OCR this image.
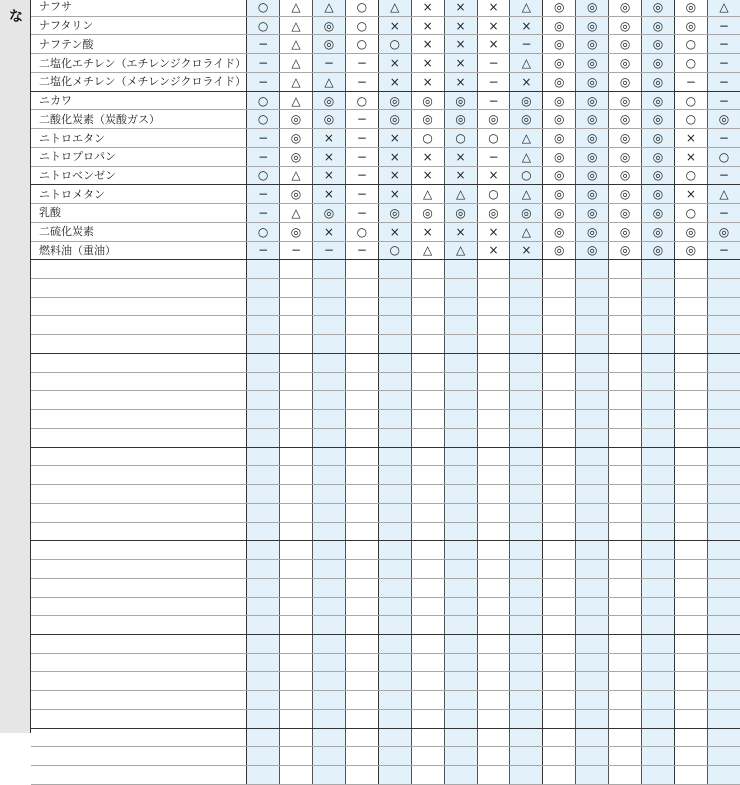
な
ナフサ	○	△	△	○	△	×	×	×	△	◎	◎	◎	◎	◎	△
ナフタリン	○	△	◎	○	×	×	×	×	×	◎	◎	◎	◎	◎	−
ナフテン酸	−	△	◎	○	○	×	×	×	−	◎	◎	◎	◎	○	−
二塩化エチレン（エチレンジクロライド）	−	△	−	−	×	×	×	−	△	◎	◎	◎	◎	○	−
二塩化メチレン（メチレンジクロライド）	−	△	△	−	×	×	×	−	×	◎	◎	◎	◎	−	−
ニカワ	○	△	◎	○	◎	◎	◎	−	◎	◎	◎	◎	◎	○	−
二酸化炭素（炭酸ガス）	○	◎	◎	−	◎	◎	◎	◎	◎	◎	◎	◎	◎	○	◎
ニトロエタン	−	◎	×	−	×	○	○	○	△	◎	◎	◎	◎	×	−
ニトロプロパン	−	◎	×	−	×	×	×	−	△	◎	◎	◎	◎	×	○
ニトロベンゼン	○	△	×	−	×	×	×	×	○	◎	◎	◎	◎	○	−
ニトロメタン	−	◎	×	−	×	△	△	○	△	◎	◎	◎	◎	×	△
乳酸	−	△	◎	−	◎	◎	◎	◎	◎	◎	◎	◎	◎	○	−
二硫化炭素	○	◎	×	○	×	×	×	×	△	◎	◎	◎	◎	◎	◎
燃料油（重油）	−	−	−	−	○	△	△	×	×	◎	◎	◎	◎	◎	−
